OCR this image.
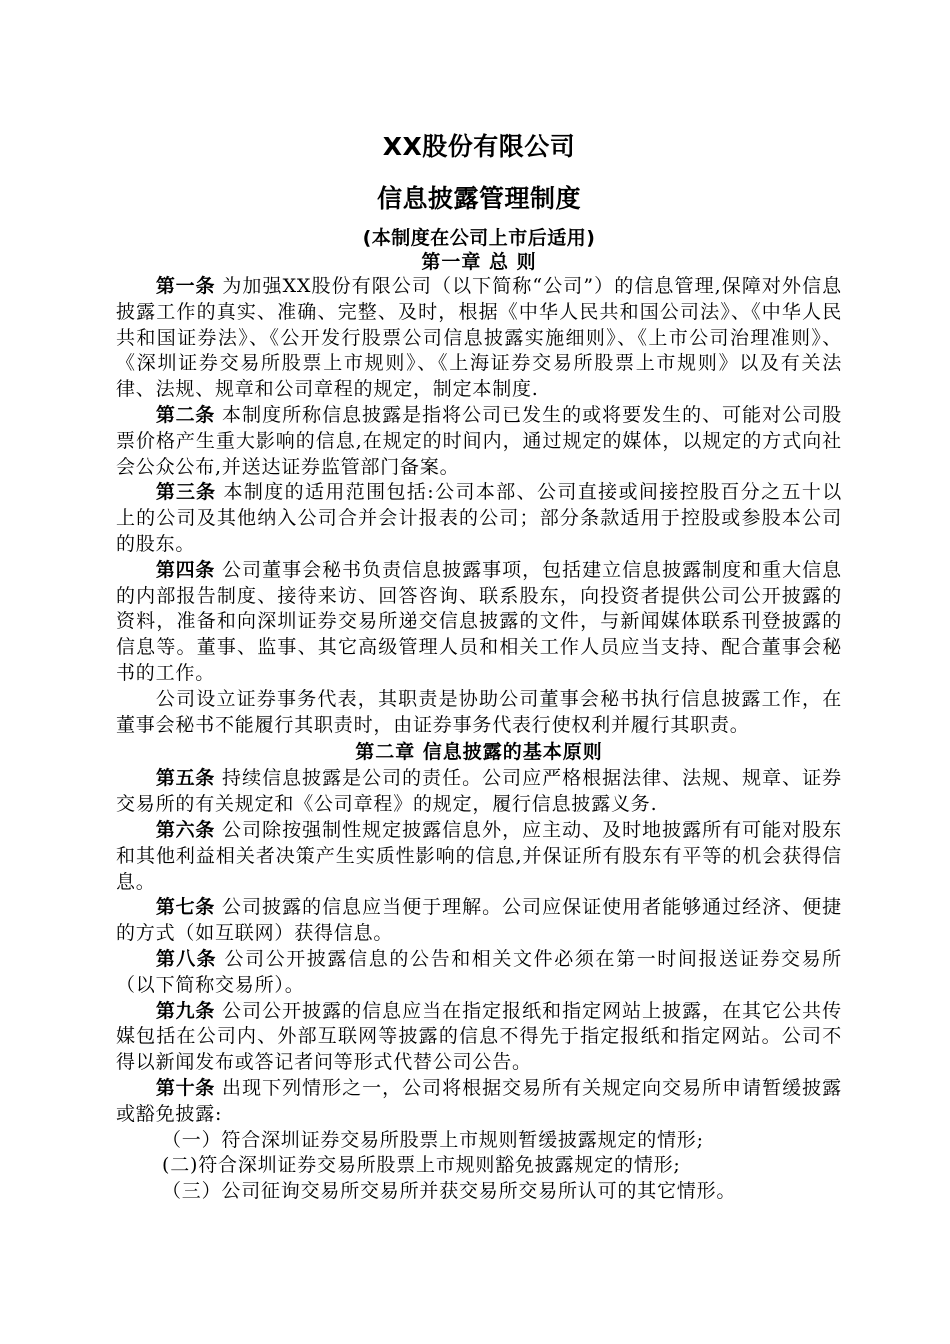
XX股份有限公司
信息披露管理制度
(本制度在公司上市后适用)
第一章 总 则

第一条 为加强XX股份有限公司（以下简称“公司”）的信息管理,保障对外信息披露工作的真实、准确、完整、及时，根据《中华人民共和国公司法》、《中华人民共和国证券法》、《公开发行股票公司信息披露实施细则》、《上市公司治理准则》、《深圳证券交易所股票上市规则》、《上海证券交易所股票上市规则》以及有关法律、法规、规章和公司章程的规定，制定本制度.

第二条 本制度所称信息披露是指将公司已发生的或将要发生的、可能对公司股票价格产生重大影响的信息,在规定的时间内，通过规定的媒体，以规定的方式向社会公众公布,并送达证券监管部门备案。

第三条 本制度的适用范围包括:公司本部、公司直接或间接控股百分之五十以上的公司及其他纳入公司合并会计报表的公司；部分条款适用于控股或参股本公司的股东。

第四条 公司董事会秘书负责信息披露事项，包括建立信息披露制度和重大信息的内部报告制度、接待来访、回答咨询、联系股东，向投资者提供公司公开披露的资料，准备和向深圳证券交易所递交信息披露的文件，与新闻媒体联系刊登披露的信息等。董事、监事、其它高级管理人员和相关工作人员应当支持、配合董事会秘书的工作。

公司设立证券事务代表，其职责是协助公司董事会秘书执行信息披露工作，在董事会秘书不能履行其职责时，由证券事务代表行使权利并履行其职责。

第二章 信息披露的基本原则

第五条 持续信息披露是公司的责任。公司应严格根据法律、法规、规章、证券交易所的有关规定和《公司章程》的规定，履行信息披露义务.

第六条 公司除按强制性规定披露信息外，应主动、及时地披露所有可能对股东和其他利益相关者决策产生实质性影响的信息,并保证所有股东有平等的机会获得信息。

第七条 公司披露的信息应当便于理解。公司应保证使用者能够通过经济、便捷的方式（如互联网）获得信息。

第八条 公司公开披露信息的公告和相关文件必须在第一时间报送证券交易所（以下简称交易所）。

第九条 公司公开披露的信息应当在指定报纸和指定网站上披露，在其它公共传媒包括在公司内、外部互联网等披露的信息不得先于指定报纸和指定网站。公司不得以新闻发布或答记者问等形式代替公司公告。

第十条 出现下列情形之一，公司将根据交易所有关规定向交易所申请暂缓披露或豁免披露:

（一）符合深圳证券交易所股票上市规则暂缓披露规定的情形;

(二)符合深圳证券交易所股票上市规则豁免披露规定的情形;

（三）公司征询交易所交易所并获交易所交易所认可的其它情形。
